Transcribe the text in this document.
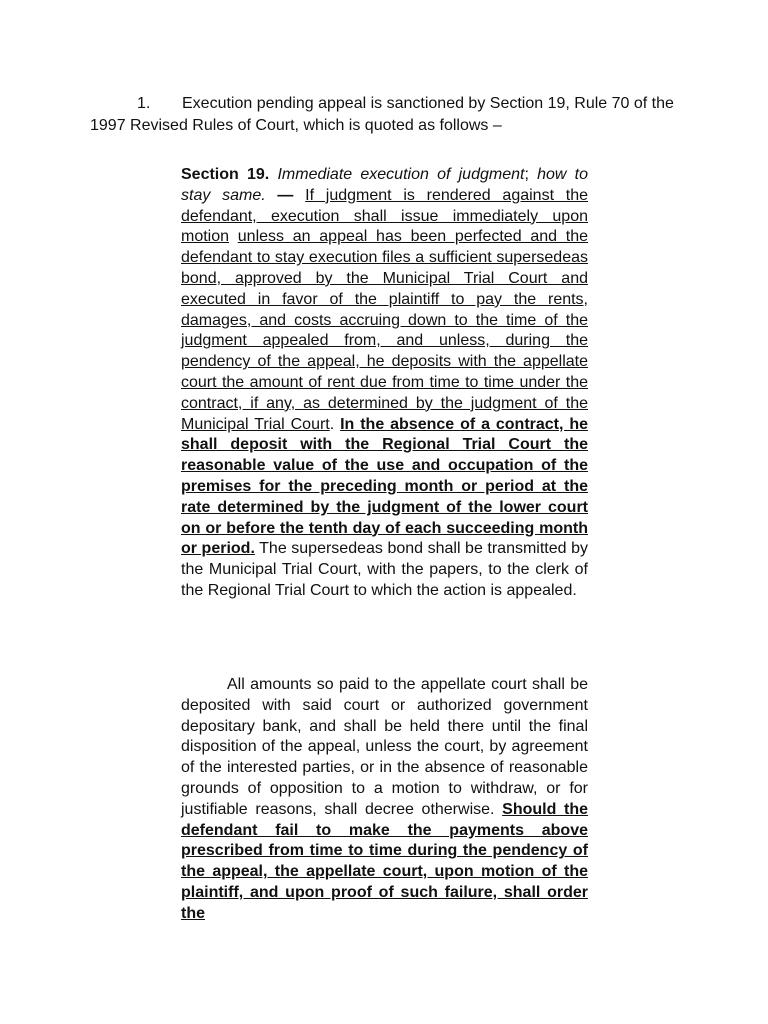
1. Execution pending appeal is sanctioned by Section 19, Rule 70 of the 1997 Revised Rules of Court, which is quoted as follows –

Section 19. Immediate execution of judgment; how to stay same. — If judgment is rendered against the defendant, execution shall issue immediately upon motion unless an appeal has been perfected and the defendant to stay execution files a sufficient supersedeas bond, approved by the Municipal Trial Court and executed in favor of the plaintiff to pay the rents, damages, and costs accruing down to the time of the judgment appealed from, and unless, during the pendency of the appeal, he deposits with the appellate court the amount of rent due from time to time under the contract, if any, as determined by the judgment of the Municipal Trial Court. In the absence of a contract, he shall deposit with the Regional Trial Court the reasonable value of the use and occupation of the premises for the preceding month or period at the rate determined by the judgment of the lower court on or before the tenth day of each succeeding month or period. The supersedeas bond shall be transmitted by the Municipal Trial Court, with the papers, to the clerk of the Regional Trial Court to which the action is appealed.

All amounts so paid to the appellate court shall be deposited with said court or authorized government depositary bank, and shall be held there until the final disposition of the appeal, unless the court, by agreement of the interested parties, or in the absence of reasonable grounds of opposition to a motion to withdraw, or for justifiable reasons, shall decree otherwise. Should the defendant fail to make the payments above prescribed from time to time during the pendency of the appeal, the appellate court, upon motion of the plaintiff, and upon proof of such failure, shall order the
